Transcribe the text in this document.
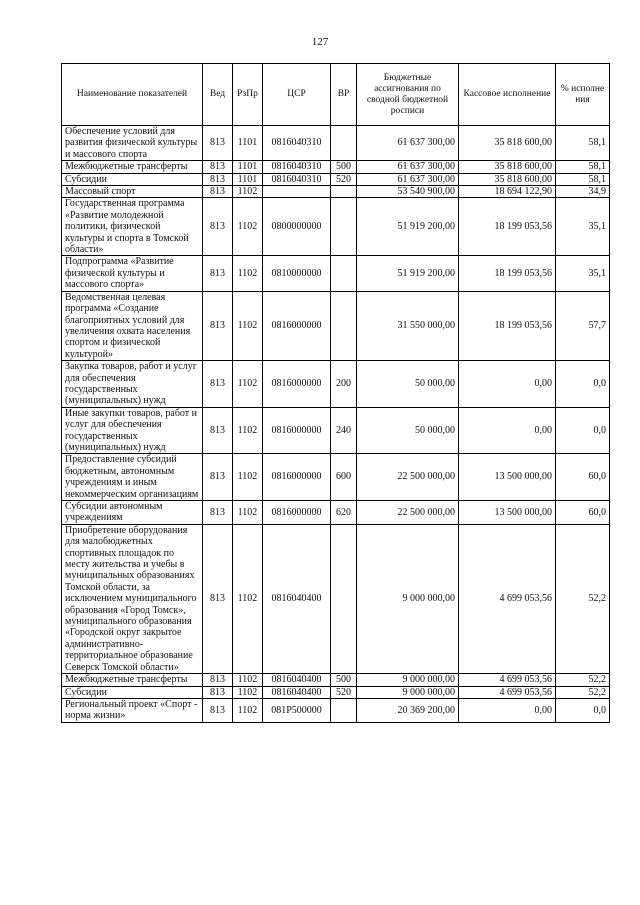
127
Наименование показателей	Вед	РзПр	ЦСР	ВР	Бюджетные ассигнования по сводной бюджетной росписи	Кассовое исполнение	% исполне ния
Обеспечение условий для развития физической культуры и массового спорта	813	1101	0816040310		61 637 300,00	35 818 600,00	58,1
Межбюджетные трансферты	813	1101	0816040310	500	61 637 300,00	35 818 600,00	58,1
Субсидии	813	1101	0816040310	520	61 637 300,00	35 818 600,00	58,1
Массовый спорт	813	1102			53 540 900,00	18 694 122,90	34,9
Государственная программа «Развитие молодежной политики, физической культуры и спорта в Томской области»	813	1102	0800000000		51 919 200,00	18 199 053,56	35,1
Подпрограмма «Развитие физической культуры и массового спорта»	813	1102	0810000000		51 919 200,00	18 199 053,56	35,1
Ведомственная целевая программа «Создание благоприятных условий для увеличения охвата населения спортом и физической культурой»	813	1102	0816000000		31 550 000,00	18 199 053,56	57,7
Закупка товаров, работ и услуг для обеспечения государственных (муниципальных) нужд	813	1102	0816000000	200	50 000,00	0,00	0,0
Иные закупки товаров, работ и услуг для обеспечения государственных (муниципальных) нужд	813	1102	0816000000	240	50 000,00	0,00	0,0
Предоставление субсидий бюджетным, автономным учреждениям и иным некоммерческим организациям	813	1102	0816000000	600	22 500 000,00	13 500 000,00	60,0
Субсидии автономным учреждениям	813	1102	0816000000	620	22 500 000,00	13 500 000,00	60,0
Приобретение оборудования для малобюджетных спортивных площадок по месту жительства и учебы в муниципальных образованиях Томской области, за исключением муниципального образования «Город Томск», муниципального образования «Городской округ закрытое административно-территориальное образование Северск Томской области»	813	1102	0816040400		9 000 000,00	4 699 053,56	52,2
Межбюджетные трансферты	813	1102	0816040400	500	9 000 000,00	4 699 053,56	52,2
Субсидии	813	1102	0816040400	520	9 000 000,00	4 699 053,56	52,2
Региональный проект «Спорт - норма жизни»	813	1102	081P500000		20 369 200,00	0,00	0,0
